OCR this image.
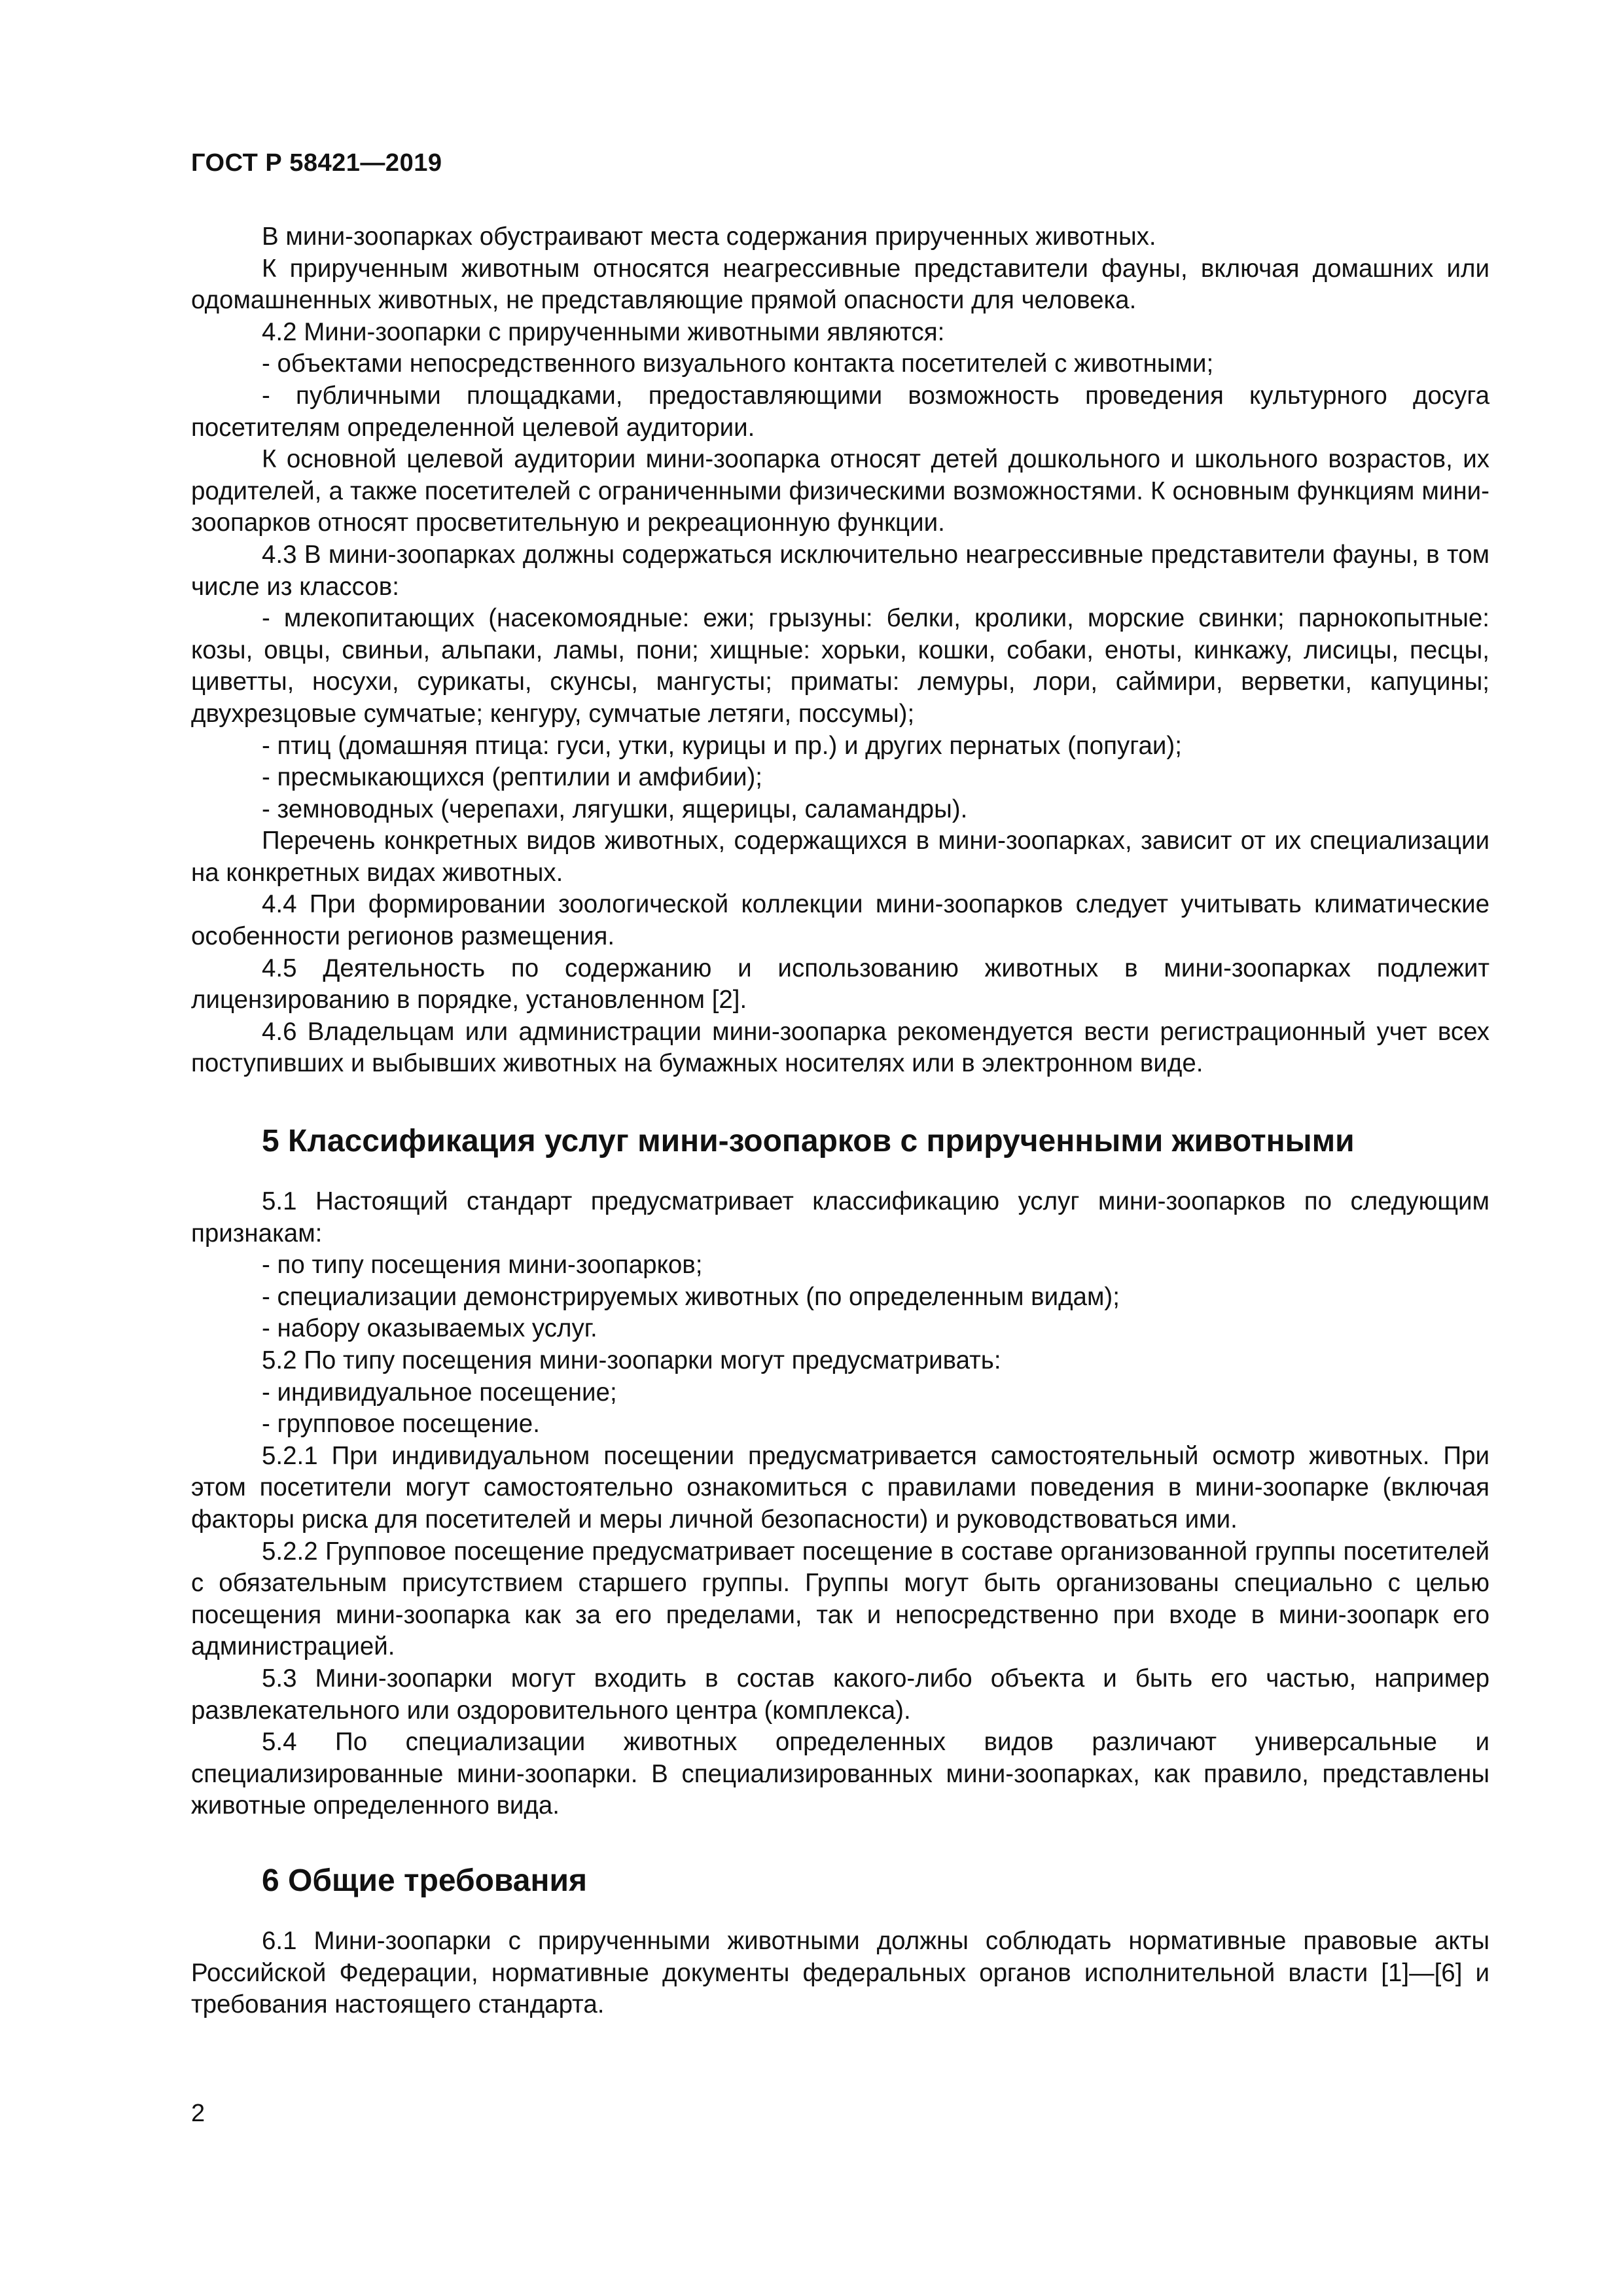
ГОСТ Р 58421—2019

В мини-зоопарках обустраивают места содержания прирученных животных.

К прирученным животным относятся неагрессивные представители фауны, включая домашних или одомашненных животных, не представляющие прямой опасности для человека.

4.2 Мини-зоопарки с прирученными животными являются:

- объектами непосредственного визуального контакта посетителей с животными;

- публичными площадками, предоставляющими возможность проведения культурного досуга посетителям определенной целевой аудитории.

К основной целевой аудитории мини-зоопарка относят детей дошкольного и школьного возрастов, их родителей, а также посетителей с ограниченными физическими возможностями. К основным функциям мини-зоопарков относят просветительную и рекреационную функции.

4.3 В мини-зоопарках должны содержаться исключительно неагрессивные представители фауны, в том числе из классов:

- млекопитающих (насекомоядные: ежи; грызуны: белки, кролики, морские свинки; парнокопытные: козы, овцы, свиньи, альпаки, ламы, пони; хищные: хорьки, кошки, собаки, еноты, кинкажу, лисицы, песцы, циветты, носухи, сурикаты, скунсы, мангусты; приматы: лемуры, лори, саймири, верветки, капуцины; двухрезцовые сумчатые; кенгуру, сумчатые летяги, поссумы);

- птиц (домашняя птица: гуси, утки, курицы и пр.) и других пернатых (попугаи);

- пресмыкающихся (рептилии и амфибии);

- земноводных (черепахи, лягушки, ящерицы, саламандры).

Перечень конкретных видов животных, содержащихся в мини-зоопарках, зависит от их специализации на конкретных видах животных.

4.4 При формировании зоологической коллекции мини-зоопарков следует учитывать климатические особенности регионов размещения.

4.5 Деятельность по содержанию и использованию животных в мини-зоопарках подлежит лицензированию в порядке, установленном [2].

4.6 Владельцам или администрации мини-зоопарка рекомендуется вести регистрационный учет всех поступивших и выбывших животных на бумажных носителях или в электронном виде.

5 Классификация услуг мини-зоопарков с прирученными животными

5.1 Настоящий стандарт предусматривает классификацию услуг мини-зоопарков по следующим признакам:

- по типу посещения мини-зоопарков;

- специализации демонстрируемых животных (по определенным видам);

- набору оказываемых услуг.

5.2 По типу посещения мини-зоопарки могут предусматривать:

- индивидуальное посещение;

- групповое посещение.

5.2.1 При индивидуальном посещении предусматривается самостоятельный осмотр животных. При этом посетители могут самостоятельно ознакомиться с правилами поведения в мини-зоопарке (включая факторы риска для посетителей и меры личной безопасности) и руководствоваться ими.

5.2.2 Групповое посещение предусматривает посещение в составе организованной группы посетителей с обязательным присутствием старшего группы. Группы могут быть организованы специально с целью посещения мини-зоопарка как за его пределами, так и непосредственно при входе в мини-зоопарк его администрацией.

5.3 Мини-зоопарки могут входить в состав какого-либо объекта и быть его частью, например развлекательного или оздоровительного центра (комплекса).

5.4 По специализации животных определенных видов различают универсальные и специализированные мини-зоопарки. В специализированных мини-зоопарках, как правило, представлены животные определенного вида.

6 Общие требования

6.1 Мини-зоопарки с прирученными животными должны соблюдать нормативные правовые акты Российской Федерации, нормативные документы федеральных органов исполнительной власти [1]—[6] и требования настоящего стандарта.

2
